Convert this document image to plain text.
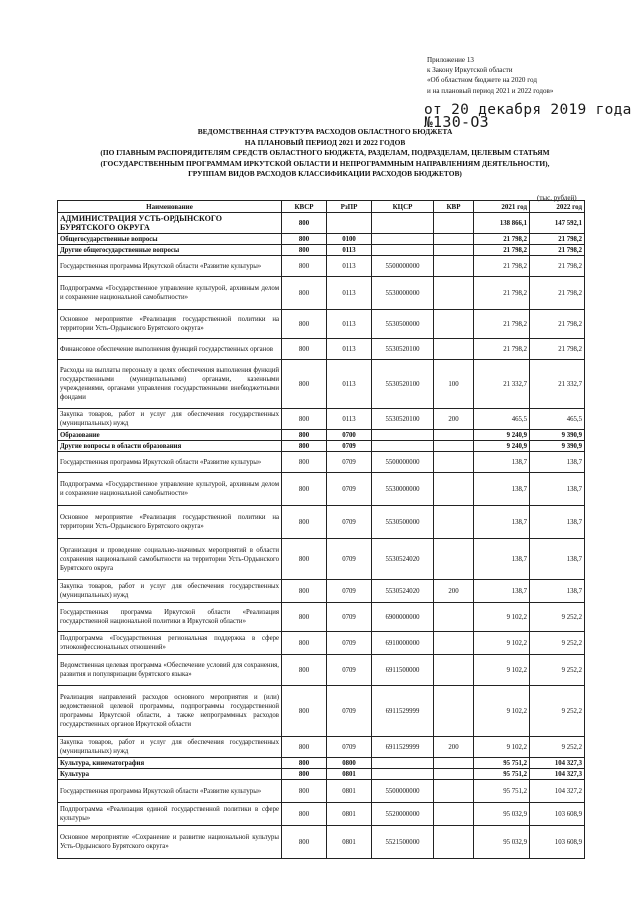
Приложение 13
к Закону Иркутской области
«Об областном бюджете на 2020 год
и на плановый период 2021 и 2022 годов»
от 20 декабря 2019 года
№130-ОЗ
ВЕДОМСТВЕННАЯ СТРУКТУРА РАСХОДОВ ОБЛАСТНОГО БЮДЖЕТА
НА ПЛАНОВЫЙ ПЕРИОД 2021 И 2022 ГОДОВ
(ПО ГЛАВНЫМ РАСПОРЯДИТЕЛЯМ СРЕДСТВ ОБЛАСТНОГО БЮДЖЕТА, РАЗДЕЛАМ, ПОДРАЗДЕЛАМ, ЦЕЛЕВЫМ СТАТЬЯМ
(ГОСУДАРСТВЕННЫМ ПРОГРАММАМ ИРКУТСКОЙ ОБЛАСТИ И НЕПРОГРАММНЫМ НАПРАВЛЕНИЯМ ДЕЯТЕЛЬНОСТИ),
ГРУППАМ ВИДОВ РАСХОДОВ КЛАССИФИКАЦИИ РАСХОДОВ БЮДЖЕТОВ)
(тыс. рублей)
Наименование	КВСР	РзПР	КЦСР	КВР	2021 год	2022 год
АДМИНИСТРАЦИЯ УСТЬ-ОРДЫНСКОГО БУРЯТСКОГО ОКРУГА	800				138 866,1	147 592,1
Общегосударственные вопросы	800	0100			21 798,2	21 798,2
Другие общегосударственные вопросы	800	0113			21 798,2	21 798,2
Государственная программа Иркутской области «Развитие культуры»	800	0113	5500000000		21 798,2	21 798,2
Подпрограмма «Государственное управление культурой, архивным делом и сохранение национальной самобытности»	800	0113	5530000000		21 798,2	21 798,2
Основное мероприятие «Реализация государственной политики на территории Усть-Ордынского Бурятского округа»	800	0113	5530500000		21 798,2	21 798,2
Финансовое обеспечение выполнения функций государственных органов	800	0113	5530520100		21 798,2	21 798,2
Расходы на выплаты персоналу в целях обеспечения выполнения функций государственными (муниципальными) органами, казенными учреждениями, органами управления государственными внебюджетными фондами	800	0113	5530520100	100	21 332,7	21 332,7
Закупка товаров, работ и услуг для обеспечения государственных (муниципальных) нужд	800	0113	5530520100	200	465,5	465,5
Образование	800	0700			9 240,9	9 390,9
Другие вопросы в области образования	800	0709			9 240,9	9 390,9
Государственная программа Иркутской области «Развитие культуры»	800	0709	5500000000		138,7	138,7
Подпрограмма «Государственное управление культурой, архивным делом и сохранение национальной самобытности»	800	0709	5530000000		138,7	138,7
Основное мероприятие «Реализация государственной политики на территории Усть-Ордынского Бурятского округа»	800	0709	5530500000		138,7	138,7
Организация и проведение социально-значимых мероприятий в области сохранения национальной самобытности на территории Усть-Ордынского Бурятского округа	800	0709	5530524020		138,7	138,7
Закупка товаров, работ и услуг для обеспечения государственных (муниципальных) нужд	800	0709	5530524020	200	138,7	138,7
Государственная программа Иркутской области «Реализация государственной национальной политики в Иркутской области»	800	0709	6900000000		9 102,2	9 252,2
Подпрограмма «Государственная региональная поддержка в сфере этноконфессиональных отношений»	800	0709	6910000000		9 102,2	9 252,2
Ведомственная целевая программа «Обеспечение условий для сохранения, развития и популяризации бурятского языка»	800	0709	6911500000		9 102,2	9 252,2
Реализация направлений расходов основного мероприятия и (или) ведомственной целевой программы, подпрограммы государственной программы Иркутской области, а также непрограммных расходов государственных органов Иркутской области	800	0709	6911529999		9 102,2	9 252,2
Закупка товаров, работ и услуг для обеспечения государственных (муниципальных) нужд	800	0709	6911529999	200	9 102,2	9 252,2
Культура, кинематография	800	0800			95 751,2	104 327,3
Культура	800	0801			95 751,2	104 327,3
Государственная программа Иркутской области «Развитие культуры»	800	0801	5500000000		95 751,2	104 327,2
Подпрограмма «Реализация единой государственной политики в сфере культуры»	800	0801	5520000000		95 032,9	103 608,9
Основное мероприятие «Сохранение и развитие национальной культуры Усть-Ордынского Бурятского округа»	800	0801	5521500000		95 032,9	103 608,9
